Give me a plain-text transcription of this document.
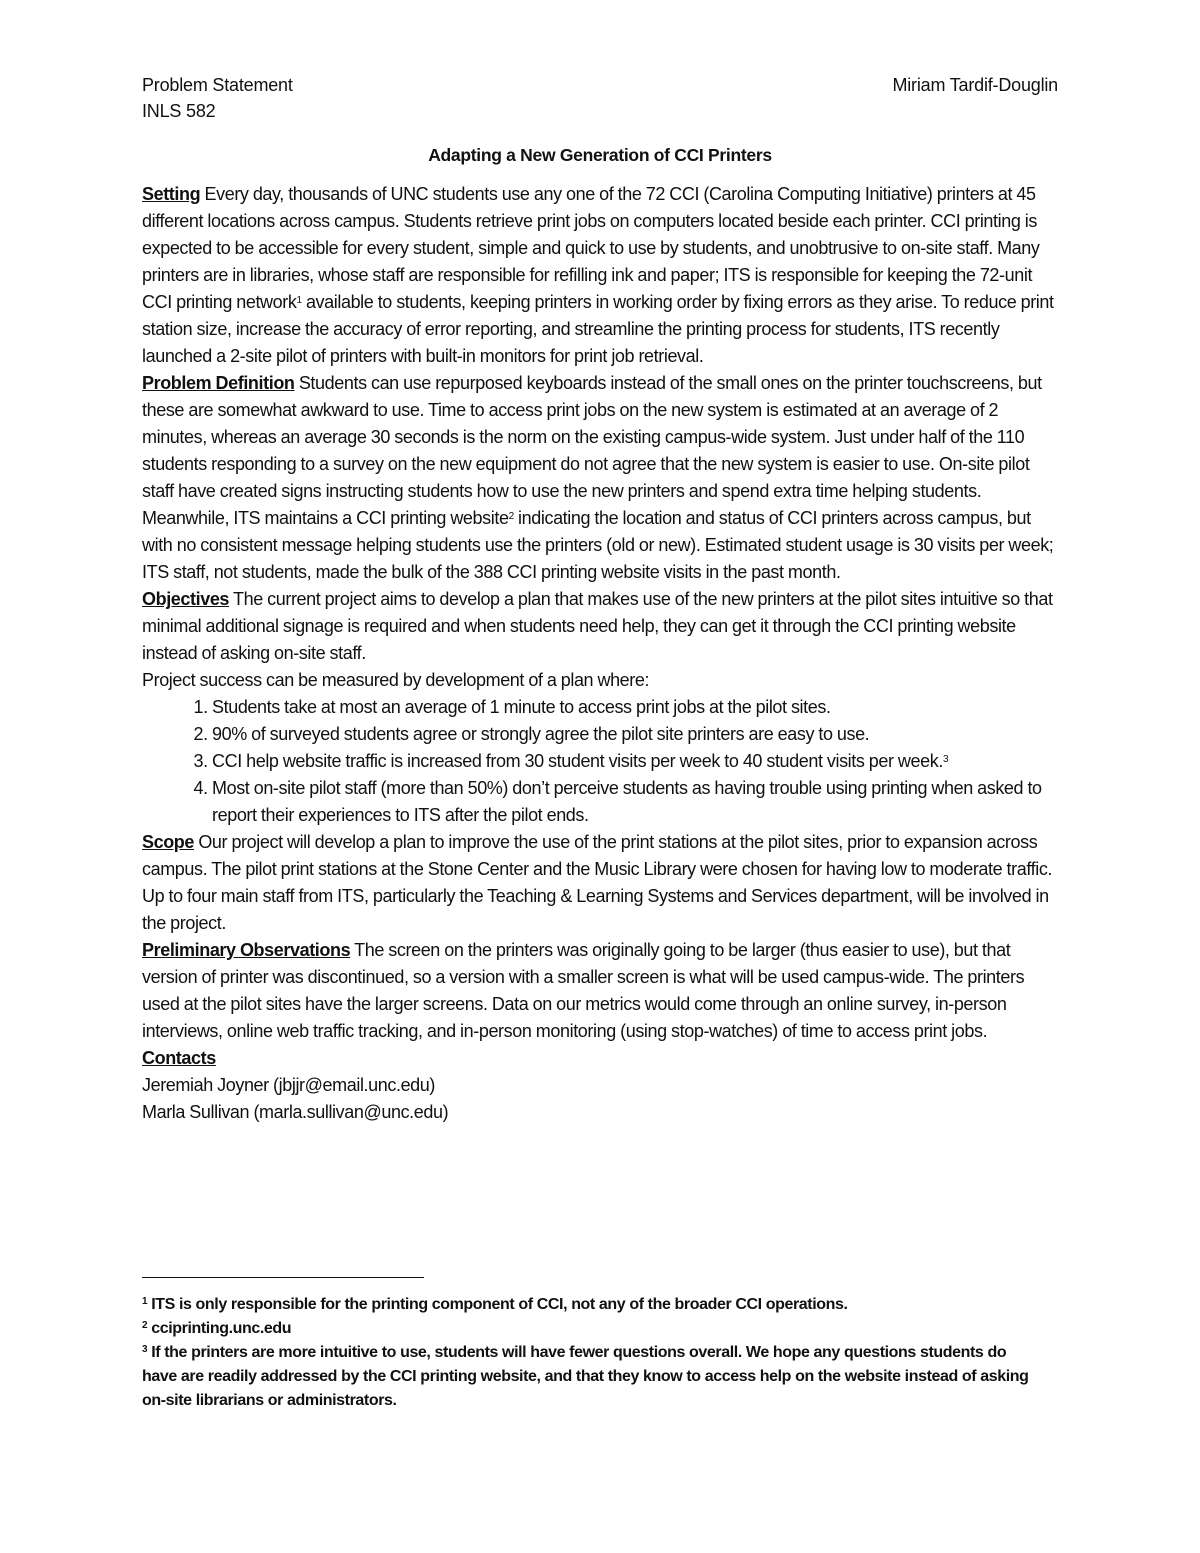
Problem Statement
INLS 582
Miriam Tardif-Douglin
Adapting a New Generation of CCI Printers

Setting Every day, thousands of UNC students use any one of the 72 CCI (Carolina Computing Initiative) printers at 45 different locations across campus. Students retrieve print jobs on computers located beside each printer. CCI printing is expected to be accessible for every student, simple and quick to use by students, and unobtrusive to on-site staff. Many printers are in libraries, whose staff are responsible for refilling ink and paper; ITS is responsible for keeping the 72-unit CCI printing network$^1$ available to students, keeping printers in working order by fixing errors as they arise. To reduce print station size, increase the accuracy of error reporting, and streamline the printing process for students, ITS recently launched a 2-site pilot of printers with built-in monitors for print job retrieval.

Problem Definition Students can use repurposed keyboards instead of the small ones on the printer touchscreens, but these are somewhat awkward to use. Time to access print jobs on the new system is estimated at an average of 2 minutes, whereas an average 30 seconds is the norm on the existing campus-wide system. Just under half of the 110 students responding to a survey on the new equipment do not agree that the new system is easier to use. On-site pilot staff have created signs instructing students how to use the new printers and spend extra time helping students. Meanwhile, ITS maintains a CCI printing website$^2$ indicating the location and status of CCI printers across campus, but with no consistent message helping students use the printers (old or new). Estimated student usage is 30 visits per week; ITS staff, not students, made the bulk of the 388 CCI printing website visits in the past month.

Objectives The current project aims to develop a plan that makes use of the new printers at the pilot sites intuitive so that minimal additional signage is required and when students need help, they can get it through the CCI printing website instead of asking on-site staff.

Project success can be measured by development of a plan where:

1. Students take at most an average of 1 minute to access print jobs at the pilot sites.
2. 90% of surveyed students agree or strongly agree the pilot site printers are easy to use.
3. CCI help website traffic is increased from 30 student visits per week to 40 student visits per week.$^3$
4. Most on-site pilot staff (more than 50%) don’t perceive students as having trouble using printing when asked to report their experiences to ITS after the pilot ends.

Scope Our project will develop a plan to improve the use of the print stations at the pilot sites, prior to expansion across campus. The pilot print stations at the Stone Center and the Music Library were chosen for having low to moderate traffic. Up to four main staff from ITS, particularly the Teaching & Learning Systems and Services department, will be involved in the project.

Preliminary Observations The screen on the printers was originally going to be larger (thus easier to use), but that version of printer was discontinued, so a version with a smaller screen is what will be used campus-wide. The printers used at the pilot sites have the larger screens. Data on our metrics would come through an online survey, in-person interviews, online web traffic tracking, and in-person monitoring (using stop-watches) of time to access print jobs.

Contacts

Jeremiah Joyner (jbjjr@email.unc.edu)

Marla Sullivan (marla.sullivan@unc.edu)

$^1$ ITS is only responsible for the printing component of CCI, not any of the broader CCI operations.

$^2$ cciprinting.unc.edu

$^3$ If the printers are more intuitive to use, students will have fewer questions overall. We hope any questions students do have are readily addressed by the CCI printing website, and that they know to access help on the website instead of asking on-site librarians or administrators.
